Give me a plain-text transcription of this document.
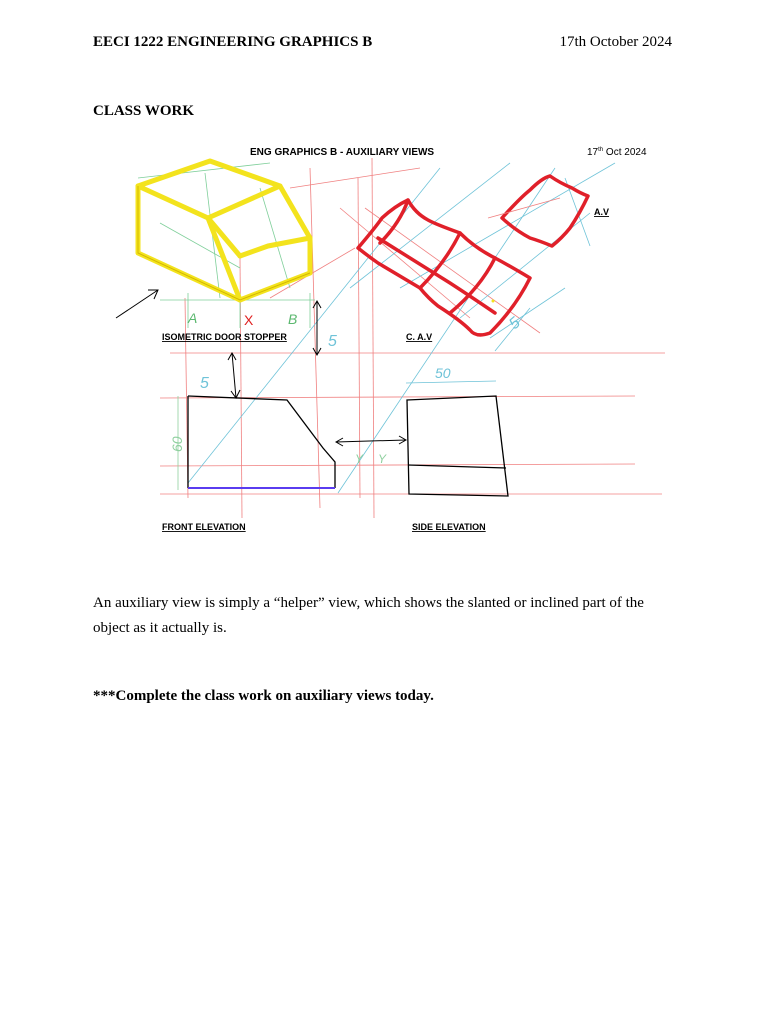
EECI 1222 ENGINEERING GRAPHICS B	17th October 2024
CLASS WORK
ENG GRAPHICS B - AUXILIARY VIEWS	17th Oct 2024
A	X B
5
5
5
60
50
Y Y
ISOMETRIC DOOR STOPPER	C. A.V
A.V
FRONT ELEVATION	SIDE ELEVATION
An auxiliary view is simply a “helper” view, which shows the slanted or inclined part of the object as it actually is.
***Complete the class work on auxiliary views today.
